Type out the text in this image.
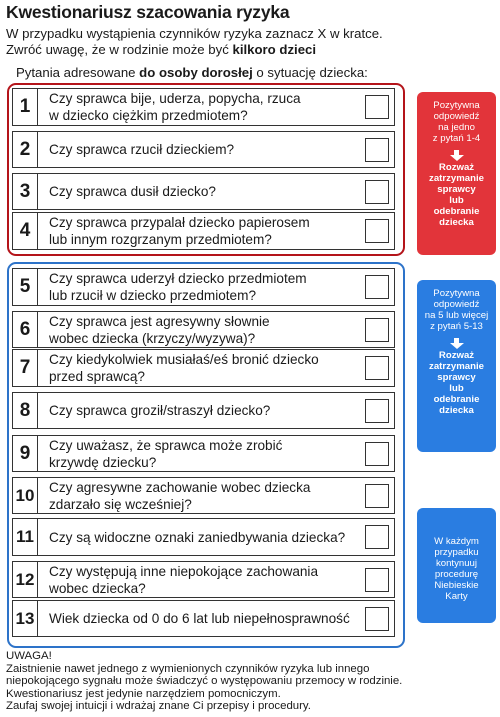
Kwestionariusz szacowania ryzyka
W przypadku wystąpienia czynników ryzyka zaznacz X w kratce.
Zwróć uwagę, że w rodzinie może być kilkoro dzieci
Pytania adresowane do osoby dorosłej o sytuację dziecka:
1	Czy sprawca bije, uderza, popycha, rzuca
w dziecko ciężkim przedmiotem?
2	Czy sprawca rzucił dzieckiem?
3	Czy sprawca dusił dziecko?
4	Czy sprawca przypalał dziecko papierosem
lub innym rozgrzanym przedmiotem?
5	Czy sprawca uderzył dziecko przedmiotem
lub rzucił w dziecko przedmiotem?
6	Czy sprawca jest agresywny słownie
wobec dziecka (krzyczy/wyzywa)?
7	Czy kiedykolwiek musiałaś/eś bronić dziecko
przed sprawcą?
8	Czy sprawca groził/straszył dziecko?
9	Czy uważasz, że sprawca może zrobić
krzywdę dziecku?
10 Czy agresywne zachowanie wobec dziecka
zdarzało się wcześniej?
11 Czy są widoczne oznaki zaniedbywania dziecka?
12 Czy występują inne niepokojące zachowania
wobec dziecka?
13 Wiek dziecka od 0 do 6 lat lub niepełnosprawność
Pozytywna
odpowiedź
na jedno
z pytań 1-4
Rozważ
zatrzymanie
sprawcy
lub
odebranie
dziecka
Pozytywna
odpowiedź
na 5 lub więcej
z pytań 5-13
Rozważ
zatrzymanie
sprawcy
lub
odebranie
dziecka
W każdym
przypadku
kontynuuj
procedurę
Niebieskie
Karty
UWAGA!
Zaistnienie nawet jednego z wymienionych czynników ryzyka lub innego
niepokojącego sygnału może świadczyć o występowaniu przemocy w rodzinie.
Kwestionariusz jest jedynie narzędziem pomocniczym.
Zaufaj swojej intuicji i wdrażaj znane Ci przepisy i procedury.
